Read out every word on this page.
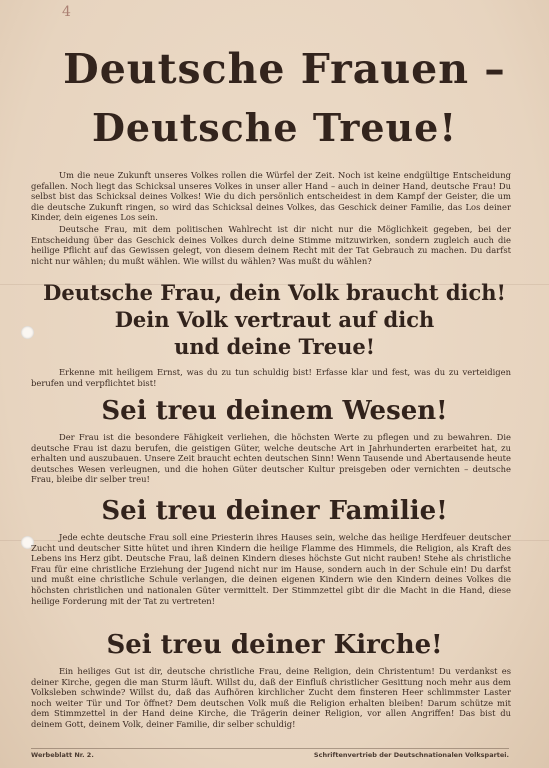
4
Deutsche Frauen –
Deutsche Treue!
Um die neue Zukunft unseres Volkes rollen die Würfel der Zeit. Noch ist keine endgültige Entscheidung gefallen. Noch liegt das Schicksal unseres Volkes in unser aller Hand – auch in deiner Hand, deutsche Frau! Du selbst bist das Schicksal deines Volkes! Wie du dich persönlich entscheidest in dem Kampf der Geister, die um die deutsche Zukunft ringen, so wird das Schicksal deines Volkes, das Geschick deiner Familie, das Los deiner Kinder, dein eigenes Los sein.
Deutsche Frau, mit dem politischen Wahlrecht ist dir nicht nur die Möglichkeit gegeben, bei der Entscheidung über das Geschick deines Volkes durch deine Stimme mitzuwirken, sondern zugleich auch die heilige Pflicht auf das Gewissen gelegt, von diesem deinem Recht mit der Tat Gebrauch zu machen. Du darfst nicht nur wählen; du mußt wählen. Wie willst du wählen? Was mußt du wählen?
Deutsche Frau, dein Volk braucht dich!
Dein Volk vertraut auf dich
und deine Treue!
Erkenne mit heiligem Ernst, was du zu tun schuldig bist! Erfasse klar und fest, was du zu verteidigen berufen und verpflichtet bist!
Sei treu deinem Wesen!
Der Frau ist die besondere Fähigkeit verliehen, die höchsten Werte zu pflegen und zu bewahren. Die deutsche Frau ist dazu berufen, die geistigen Güter, welche deutsche Art in Jahrhunderten erarbeitet hat, zu erhalten und auszubauen. Unsere Zeit braucht echten deutschen Sinn! Wenn Tausende und Abertausende heute deutsches Wesen verleugnen, und die hohen Güter deutscher Kultur preisgeben oder vernichten – deutsche Frau, bleibe dir selber treu!
Sei treu deiner Familie!
Jede echte deutsche Frau soll eine Priesterin ihres Hauses sein, welche das heilige Herdfeuer deutscher Zucht und deutscher Sitte hütet und ihren Kindern die heilige Flamme des Himmels, die Religion, als Kraft des Lebens ins Herz gibt. Deutsche Frau, laß deinen Kindern dieses höchste Gut nicht rauben! Stehe als christliche Frau für eine christliche Erziehung der Jugend nicht nur im Hause, sondern auch in der Schule ein! Du darfst und mußt eine christliche Schule verlangen, die deinen eigenen Kindern wie den Kindern deines Volkes die höchsten christlichen und nationalen Güter vermittelt. Der Stimmzettel gibt dir die Macht in die Hand, diese heilige Forderung mit der Tat zu vertreten!
Sei treu deiner Kirche!
Ein heiliges Gut ist dir, deutsche christliche Frau, deine Religion, dein Christentum! Du verdankst es deiner Kirche, gegen die man Sturm läuft. Willst du, daß der Einfluß christlicher Gesittung noch mehr aus dem Volksleben schwinde? Willst du, daß das Aufhören kirchlicher Zucht dem finsteren Heer schlimmster Laster noch weiter Tür und Tor öffnet? Dem deutschen Volk muß die Religion erhalten bleiben! Darum schütze mit dem Stimmzettel in der Hand deine Kirche, die Trägerin deiner Religion, vor allen Angriffen! Das bist du deinem Gott, deinem Volk, deiner Familie, dir selber schuldig!
Werbeblatt Nr. 2.	Schriftenvertrieb der Deutschnationalen Volkspartei.
